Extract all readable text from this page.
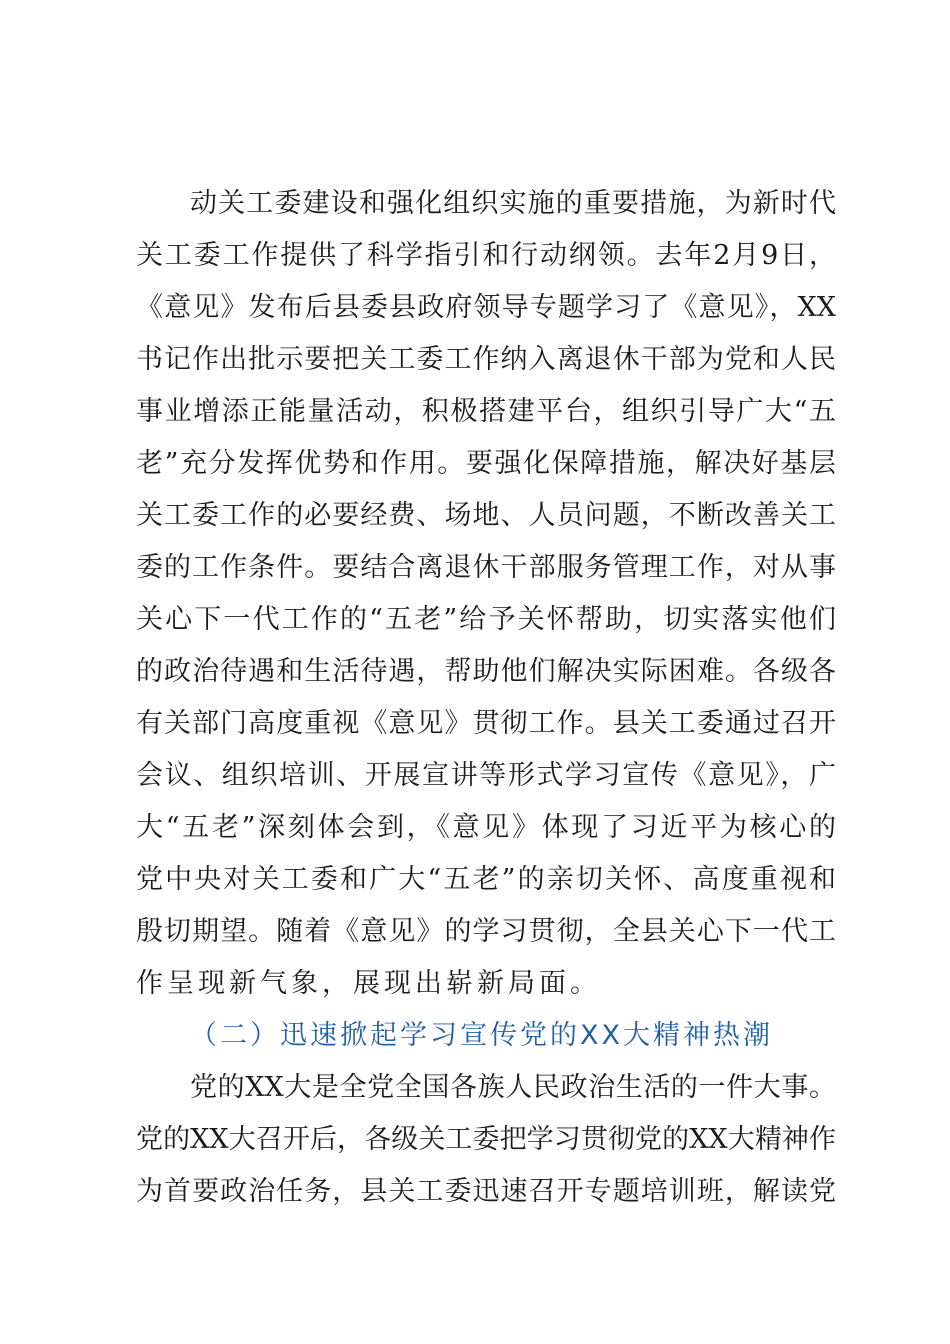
动关工委建设和强化组织实施的重要措施，为新时代
关工委工作提供了科学指引和行动纲领。去年2月9日，
《意见》发布后县委县政府领导专题学习了《意见》，XX
书记作出批示要把关工委工作纳入离退休干部为党和人民
事业增添正能量活动，积极搭建平台，组织引导广大“五
老”充分发挥优势和作用。要强化保障措施，解决好基层
关工委工作的必要经费、场地、人员问题，不断改善关工
委的工作条件。要结合离退休干部服务管理工作，对从事
关心下一代工作的“五老”给予关怀帮助，切实落实他们
的政治待遇和生活待遇，帮助他们解决实际困难。各级各
有关部门高度重视《意见》贯彻工作。县关工委通过召开
会议、组织培训、开展宣讲等形式学习宣传《意见》，广
大“五老”深刻体会到，《意见》体现了习近平为核心的
党中央对关工委和广大“五老”的亲切关怀、高度重视和
殷切期望。随着《意见》的学习贯彻，全县关心下一代工
作呈现新气象，展现出崭新局面。
（二）迅速掀起学习宣传党的XX大精神热潮
党的XX大是全党全国各族人民政治生活的一件大事。
党的XX大召开后，各级关工委把学习贯彻党的XX大精神作
为首要政治任务，县关工委迅速召开专题培训班，解读党
